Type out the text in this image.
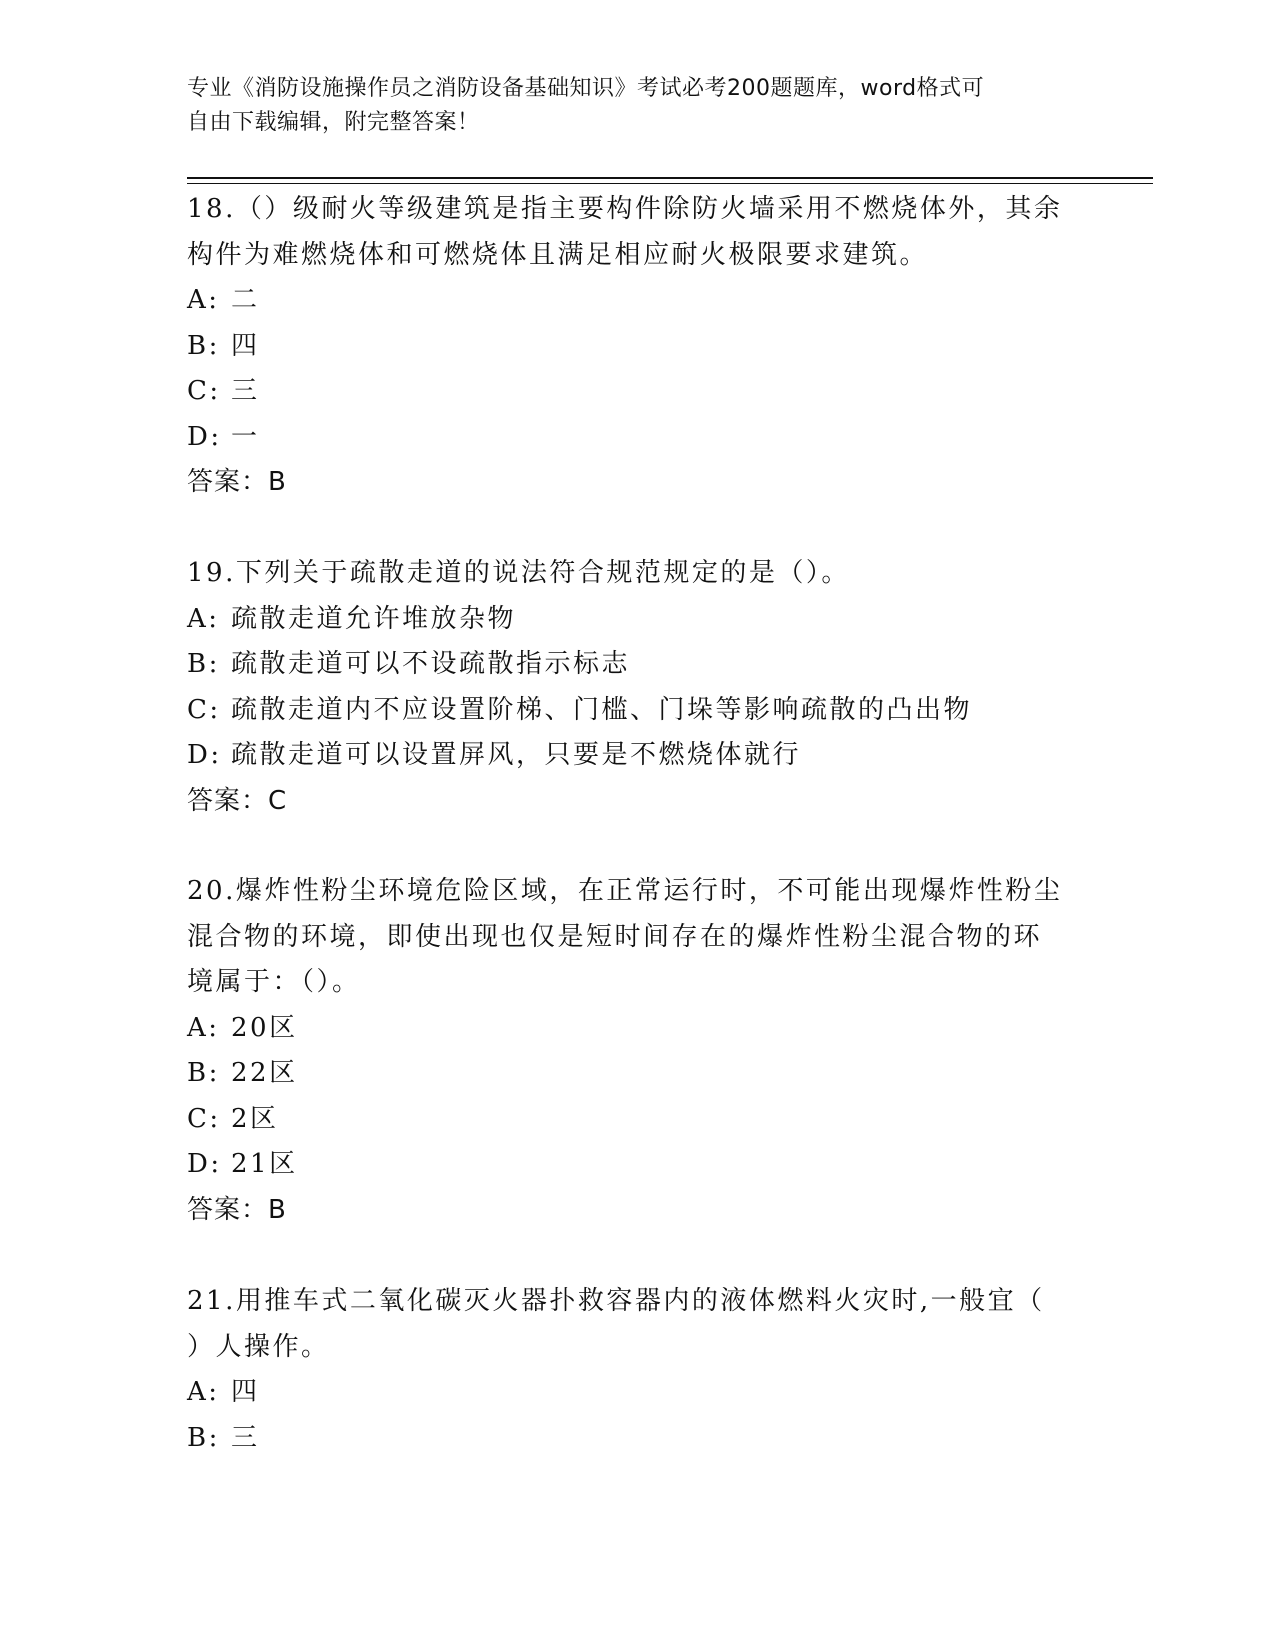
专业《消防设施操作员之消防设备基础知识》考试必考200题题库，word格式可
自由下载编辑，附完整答案！

18.（）级耐火等级建筑是指主要构件除防火墙采用不燃烧体外，其余

构件为难燃烧体和可燃烧体且满足相应耐火极限要求建筑。

A: 二

B: 四

C: 三

D: 一

答案：B

19.下列关于疏散走道的说法符合规范规定的是（）。

A: 疏散走道允许堆放杂物

B: 疏散走道可以不设疏散指示标志

C: 疏散走道内不应设置阶梯、门槛、门垛等影响疏散的凸出物

D: 疏散走道可以设置屏风，只要是不燃烧体就行

答案：C

20.爆炸性粉尘环境危险区域，在正常运行时，不可能出现爆炸性粉尘

混合物的环境，即使出现也仅是短时间存在的爆炸性粉尘混合物的环

境属于：（）。

A: 20区

B: 22区

C: 2区

D: 21区

答案：B

21.用推车式二氧化碳灭火器扑救容器内的液体燃料火灾时,一般宜（

）人操作。

A: 四

B: 三
